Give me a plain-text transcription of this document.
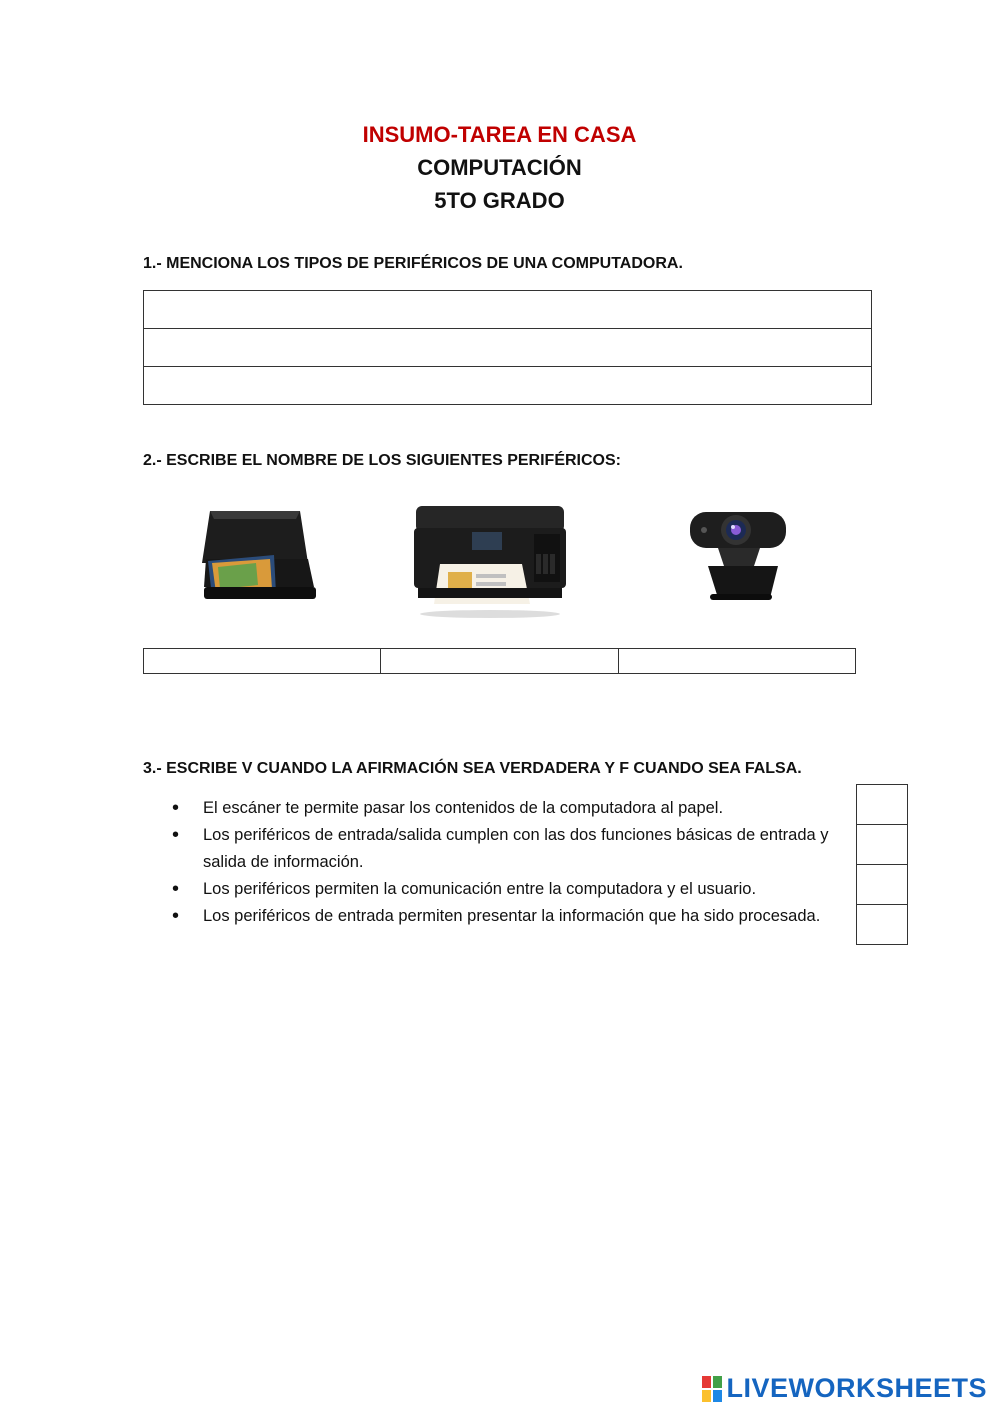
INSUMO-TAREA EN CASA
COMPUTACIÓN
5TO GRADO
1.- MENCIONA LOS TIPOS DE PERIFÉRICOS DE UNA COMPUTADORA.

2.- ESCRIBE EL NOMBRE DE LOS SIGUIENTES PERIFÉRICOS:

3.- ESCRIBE V CUANDO LA AFIRMACIÓN SEA VERDADERA Y F CUANDO SEA FALSA.
• El escáner te permite pasar los contenidos de la computadora al papel.
• Los periféricos de entrada/salida cumplen con las dos funciones básicas de entrada y salida de información.
• Los periféricos permiten la comunicación entre la computadora y el usuario.
• Los periféricos de entrada permiten presentar la información que ha sido procesada.

LIVEWORKSHEETS
